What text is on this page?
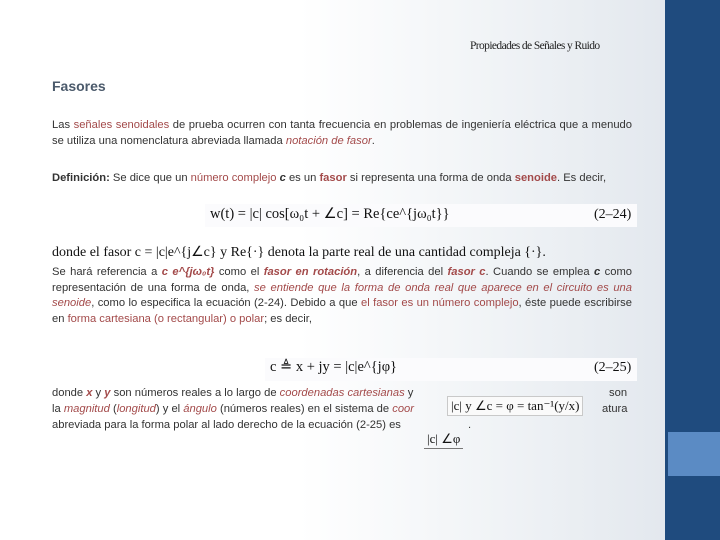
Propiedades de Señales y Ruido
Fasores
Las señales senoidales de prueba ocurren con tanta frecuencia en problemas de ingeniería eléctrica que a menudo se utiliza una nomenclatura abreviada llamada notación de fasor.
Definición: Se dice que un número complejo c es un fasor si representa una forma de onda senoide. Es decir,
w(t) = |c| cos[ω₀t + ∠c] = Re{ce^{jω₀t}}	(2–24)
donde el fasor c = |c|e^{j∠c} y Re{·} denota la parte real de una cantidad compleja {·}.
Se hará referencia a c e^{jω₀t} como el fasor en rotación, a diferencia del fasor c. Cuando se emplea c como representación de una forma de onda, se entiende que la forma de onda real que aparece en el circuito es una senoide, como lo especifica la ecuación (2-24). Debido a que el fasor es un número complejo, éste puede escribirse en forma cartesiana (o rectangular) o polar; es decir,
c ≜ x + jy = |c|e^{jφ}	(2–25)
donde x y y son números reales a lo largo de coordenadas cartesianas y	son
la magnitud (longitud) y el ángulo (números reales) en el sistema de coor	atura
abreviada para la forma polar al lado derecho de la ecuación (2-25) es	.
|c| y ∠c = φ = tan⁻¹(y/x)
|c| ∠φ
